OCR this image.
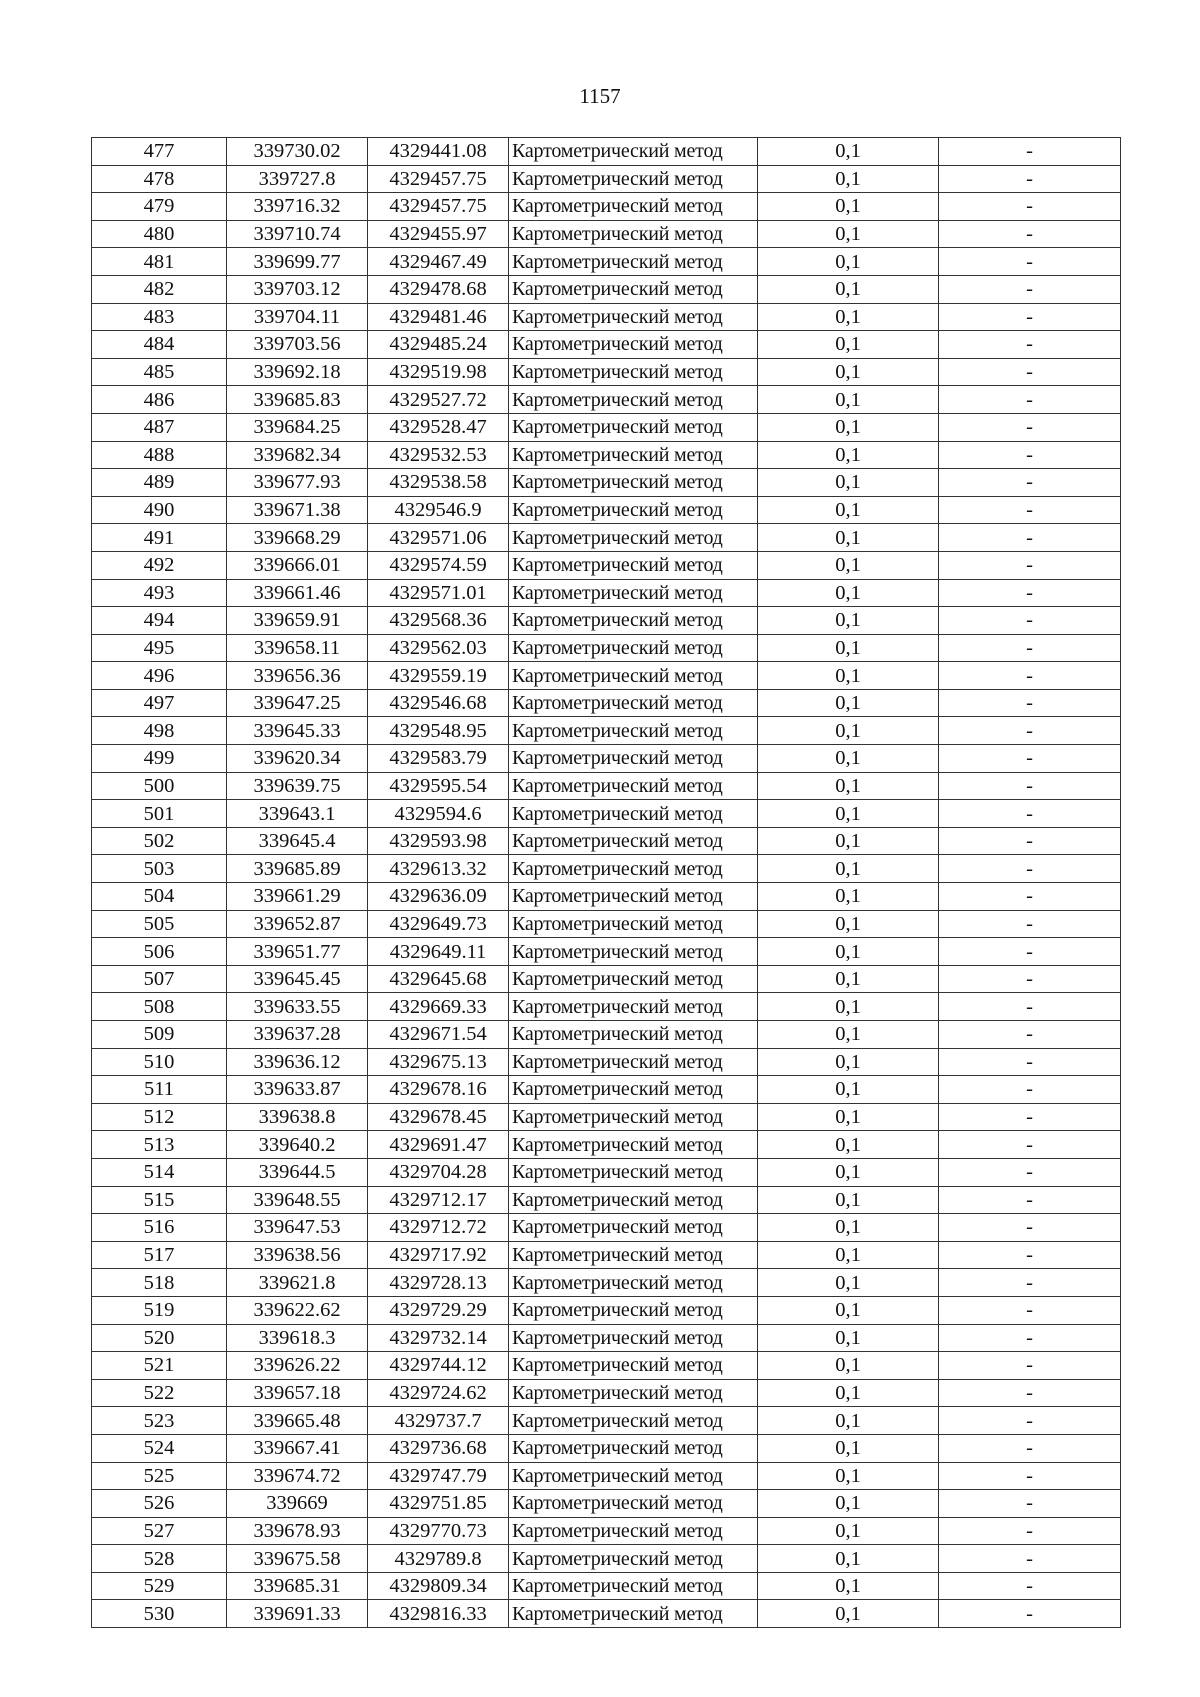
1157
477	339730.02	4329441.08	Картометрический метод	0,1	-
478	339727.8	4329457.75	Картометрический метод	0,1	-
479	339716.32	4329457.75	Картометрический метод	0,1	-
480	339710.74	4329455.97	Картометрический метод	0,1	-
481	339699.77	4329467.49	Картометрический метод	0,1	-
482	339703.12	4329478.68	Картометрический метод	0,1	-
483	339704.11	4329481.46	Картометрический метод	0,1	-
484	339703.56	4329485.24	Картометрический метод	0,1	-
485	339692.18	4329519.98	Картометрический метод	0,1	-
486	339685.83	4329527.72	Картометрический метод	0,1	-
487	339684.25	4329528.47	Картометрический метод	0,1	-
488	339682.34	4329532.53	Картометрический метод	0,1	-
489	339677.93	4329538.58	Картометрический метод	0,1	-
490	339671.38	4329546.9	Картометрический метод	0,1	-
491	339668.29	4329571.06	Картометрический метод	0,1	-
492	339666.01	4329574.59	Картометрический метод	0,1	-
493	339661.46	4329571.01	Картометрический метод	0,1	-
494	339659.91	4329568.36	Картометрический метод	0,1	-
495	339658.11	4329562.03	Картометрический метод	0,1	-
496	339656.36	4329559.19	Картометрический метод	0,1	-
497	339647.25	4329546.68	Картометрический метод	0,1	-
498	339645.33	4329548.95	Картометрический метод	0,1	-
499	339620.34	4329583.79	Картометрический метод	0,1	-
500	339639.75	4329595.54	Картометрический метод	0,1	-
501	339643.1	4329594.6	Картометрический метод	0,1	-
502	339645.4	4329593.98	Картометрический метод	0,1	-
503	339685.89	4329613.32	Картометрический метод	0,1	-
504	339661.29	4329636.09	Картометрический метод	0,1	-
505	339652.87	4329649.73	Картометрический метод	0,1	-
506	339651.77	4329649.11	Картометрический метод	0,1	-
507	339645.45	4329645.68	Картометрический метод	0,1	-
508	339633.55	4329669.33	Картометрический метод	0,1	-
509	339637.28	4329671.54	Картометрический метод	0,1	-
510	339636.12	4329675.13	Картометрический метод	0,1	-
511	339633.87	4329678.16	Картометрический метод	0,1	-
512	339638.8	4329678.45	Картометрический метод	0,1	-
513	339640.2	4329691.47	Картометрический метод	0,1	-
514	339644.5	4329704.28	Картометрический метод	0,1	-
515	339648.55	4329712.17	Картометрический метод	0,1	-
516	339647.53	4329712.72	Картометрический метод	0,1	-
517	339638.56	4329717.92	Картометрический метод	0,1	-
518	339621.8	4329728.13	Картометрический метод	0,1	-
519	339622.62	4329729.29	Картометрический метод	0,1	-
520	339618.3	4329732.14	Картометрический метод	0,1	-
521	339626.22	4329744.12	Картометрический метод	0,1	-
522	339657.18	4329724.62	Картометрический метод	0,1	-
523	339665.48	4329737.7	Картометрический метод	0,1	-
524	339667.41	4329736.68	Картометрический метод	0,1	-
525	339674.72	4329747.79	Картометрический метод	0,1	-
526	339669	4329751.85	Картометрический метод	0,1	-
527	339678.93	4329770.73	Картометрический метод	0,1	-
528	339675.58	4329789.8	Картометрический метод	0,1	-
529	339685.31	4329809.34	Картометрический метод	0,1	-
530	339691.33	4329816.33	Картометрический метод	0,1	-
